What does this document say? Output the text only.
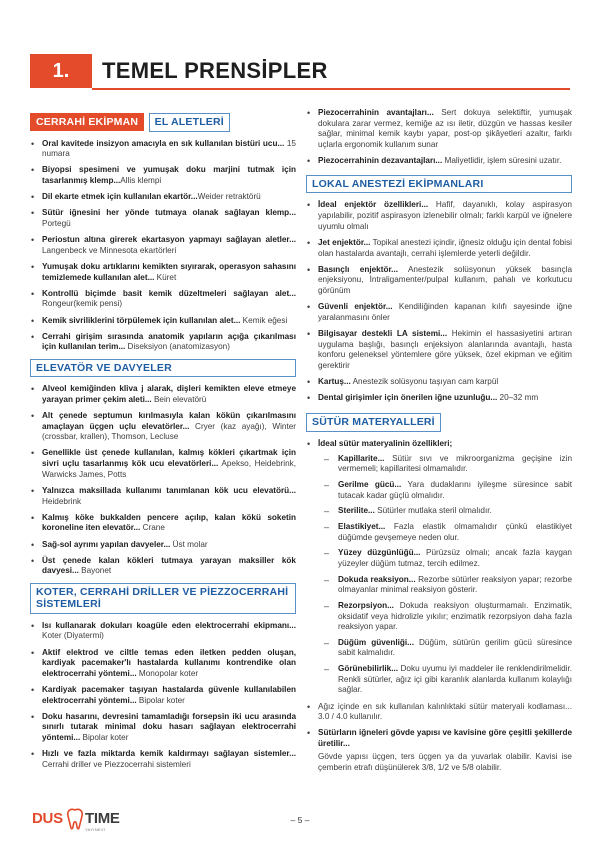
1.	TEMEL PRENSİPLER
CERRAHİ EKİPMAN EL ALETLERİ
• Oral kavitede insizyon amacıyla en sık kullanılan bistüri ucu... 15 numara
• Biyopsi spesimeni ve yumuşak doku marjini tutmak için tasarlanmış klemp...Allis klempi
• Dil ekarte etmek için kullanılan ekartör...Weider retraktörü
• Sütür iğnesini her yönde tutmaya olanak sağlayan klemp... Portegü
• Periostun altına girerek ekartasyon yapmayı sağlayan aletler... Langenbeck ve Minnesota ekartörleri
• Yumuşak doku artıklarını kemikten sıyırarak, operasyon sahasını temizlemede kullanılan alet... Küret
• Kontrollü biçimde basit kemik düzeltmeleri sağlayan alet... Rongeur(kemik pensi)
• Kemik sivriliklerini törpülemek için kullanılan alet... Kemik eğesi
• Cerrahi girişim sırasında anatomik yapıların açığa çıkarılması için kullanılan terim... Diseksiyon (anatomizasyon)
ELEVATÖR VE DAVYELER
• Alveol kemiğinden kliva j alarak, dişleri kemikten eleve etmeye yarayan primer çekim aleti... Bein elevatörü
• Alt çenede septumun kırılmasıyla kalan kökün çıkarılmasını amaçlayan üçgen uçlu elevatörler... Cryer (kaz ayağı), Winter (crossbar, krallen), Thomson, Lecluse
• Genellikle üst çenede kullanılan, kalmış kökleri çıkartmak için sivri uçlu tasarlanmış kök ucu elevatörleri... Apekso, Heidebrink, Warwicks James, Potts
• Yalnızca maksillada kullanımı tanımlanan kök ucu elevatörü... Heidebrink
• Kalmış köke bukkalden pencere açılıp, kalan kökü soketin koroneline iten elevatör... Crane
• Sağ-sol ayrımı yapılan davyeler... Üst molar
• Üst çenede kalan kökleri tutmaya yarayan maksiller kök davyesi... Bayonet
KOTER, CERRAHİ DRİLLER VE PİEZZOCERRAHİ SİSTEMLERİ
• Isı kullanarak dokuları koagüle eden elektrocerrahi ekipmanı... Koter (Diyatermi)
• Aktif elektrod ve ciltle temas eden iletken pedden oluşan, kardiyak pacemaker'lı hastalarda kullanımı kontrendike olan elektrocerrahi yöntemi... Monopolar koter
• Kardiyak pacemaker taşıyan hastalarda güvenle kullanılabilen elektrocerrahi yöntemi... Bipolar koter
• Doku hasarını, devresini tamamladığı forsepsin iki ucu arasında sınırlı tutarak minimal doku hasarı sağlayan elektrocerrahi yöntemi... Bipolar koter
• Hızlı ve fazla miktarda kemik kaldırmayı sağlayan sistemler... Cerrahi driller ve Piezzocerrahi sistemleri
• Piezocerrahinin avantajları... Sert dokuya selektiftir, yumuşak dokulara zarar vermez, kemiğe az ısı iletir, düzgün ve hassas kesiler sağlar, minimal kemik kaybı yapar, post-op şikâyetleri azaltır, farklı uçlarla ergonomik kullanım sunar
• Piezocerrahinin dezavantajları... Maliyetlidir, işlem süresini uzatır.
LOKAL ANESTEZİ EKİPMANLARI
• İdeal enjektör özellikleri... Hafif, dayanıklı, kolay aspirasyon yapılabilir, pozitif aspirasyon izlenebilir olmalı; farklı karpül ve iğnelere uyumlu olmalı
• Jet enjektör... Topikal anestezi içindir, iğnesiz olduğu için dental fobisi olan hastalarda avantajlı, cerrahi işlemlerde yeterli değildir.
• Basınçlı enjektör... Anestezik solüsyonun yüksek basınçla enjeksiyonu, İntraligamenter/pulpal kullanım, pahalı ve korkutucu görünüm
• Güvenli enjektör... Kendiliğinden kapanan kılıfı sayesinde iğne yaralanmasını önler
• Bilgisayar destekli LA sistemi... Hekimin el hassasiyetini artıran uygulama başlığı, basınçlı enjeksiyon alanlarında avantajlı, hasta konforu geleneksel yöntemlere göre yüksek, özel ekipman ve eğitim gerektirir
• Kartuş... Anestezik solüsyonu taşıyan cam karpül
• Dental girişimler için önerilen iğne uzunluğu... 20–32 mm
SÜTÜR MATERYALLERİ
• İdeal sütür materyalinin özellikleri;
– Kapillarite... Sütür sıvı ve mikroorganizma geçişine izin vermemeli; kapillaritesi olmamalıdır.
– Gerilme gücü... Yara dudaklarını iyileşme süresince sabit tutacak kadar güçlü olmalıdır.
– Sterilite... Sütürler mutlaka steril olmalıdır.
– Elastikiyet... Fazla elastik olmamalıdır çünkü elastikiyet düğümde gevşemeye neden olur.
– Yüzey düzgünlüğü... Pürüzsüz olmalı; ancak fazla kaygan yüzeyler düğüm tutmaz, tercih edilmez.
– Dokuda reaksiyon... Rezorbe sütürler reaksiyon yapar; rezorbe olmayanlar minimal reaksiyon gösterir.
– Rezorpsiyon... Dokuda reaksiyon oluşturmamalı. Enzimatik, oksidatif veya hidrolizle yıkılır; enzimatik rezorpsiyon daha fazla reaksiyon yapar.
– Düğüm güvenliği... Düğüm, sütürün gerilim gücü süresince sabit kalmalıdır.
– Görünebilirlik... Doku uyumu iyi maddeler ile renklendirilmelidir. Renkli sütürler, ağız içi gibi karanlık alanlarda kullanım kolaylığı sağlar.
• Ağız içinde en sık kullanılan kalınlıktaki sütür materyali kodlaması... 3.0 / 4.0 kullanılır.
• Sütürların iğneleri gövde yapısı ve kavisine göre çeşitli şekillerde üretilir...
Gövde yapısı üçgen, ters üçgen ya da yuvarlak olabilir. Kavisi ise çemberin etrafı düşünülerek 3/8, 1/2 ve 5/8 olabilir.
DUS TIME
YAYINEVİ
– 5 –
